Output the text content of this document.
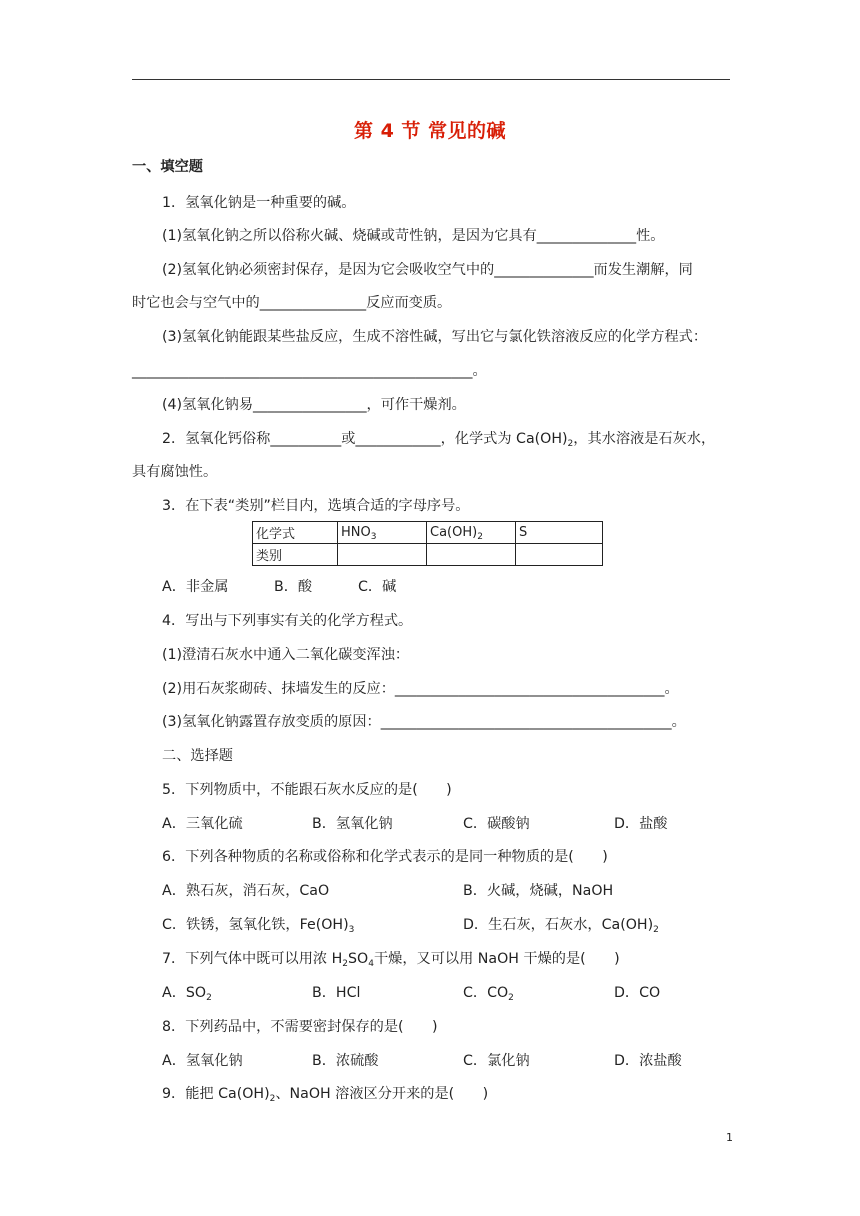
第 4 节 常见的碱
一、填空题
1．氢氧化钠是一种重要的碱。
(1)氢氧化钠之所以俗称火碱、烧碱或苛性钠，是因为它具有______________性。
(2)氢氧化钠必须密封保存，是因为它会吸收空气中的______________而发生潮解，同
时它也会与空气中的_______________反应而变质。
(3)氢氧化钠能跟某些盐反应，生成不溶性碱，写出它与氯化铁溶液反应的化学方程式：
________________________________________________。
(4)氢氧化钠易________________，可作干燥剂。
2．氢氧化钙俗称__________或____________，化学式为 $Ca(OH)_2$，其水溶液是石灰水，
具有腐蚀性。
3．在下表“类别”栏目内，选填合适的字母序号。
化学式	$HNO_3$	$Ca(OH)_2$	S
类别			
A．非金属	B．酸	C．碱
4．写出与下列事实有关的化学方程式。
(1)澄清石灰水中通入二氧化碳变浑浊：
(2)用石灰浆砌砖、抹墙发生的反应：______________________________________。
(3)氢氧化钠露置存放变质的原因：_________________________________________。
二、选择题
5．下列物质中，不能跟石灰水反应的是(　　)
A．三氧化硫	B．氢氧化钠	C．碳酸钠	D．盐酸
6．下列各种物质的名称或俗称和化学式表示的是同一种物质的是(　　)
A．熟石灰，消石灰，CaO	B．火碱，烧碱，NaOH
C．铁锈，氢氧化铁，$Fe(OH)_3$	D．生石灰，石灰水，$Ca(OH)_2$
7．下列气体中既可以用浓 $H_2SO_4$干燥，又可以用 NaOH 干燥的是(　　)
A．$SO_2$	B．HCl	C．$CO_2$	D．CO
8．下列药品中，不需要密封保存的是(　　)
A．氢氧化钠	B．浓硫酸	C．氯化钠	D．浓盐酸
9．能把 $Ca(OH)_2$、NaOH 溶液区分开来的是(　　)
1
